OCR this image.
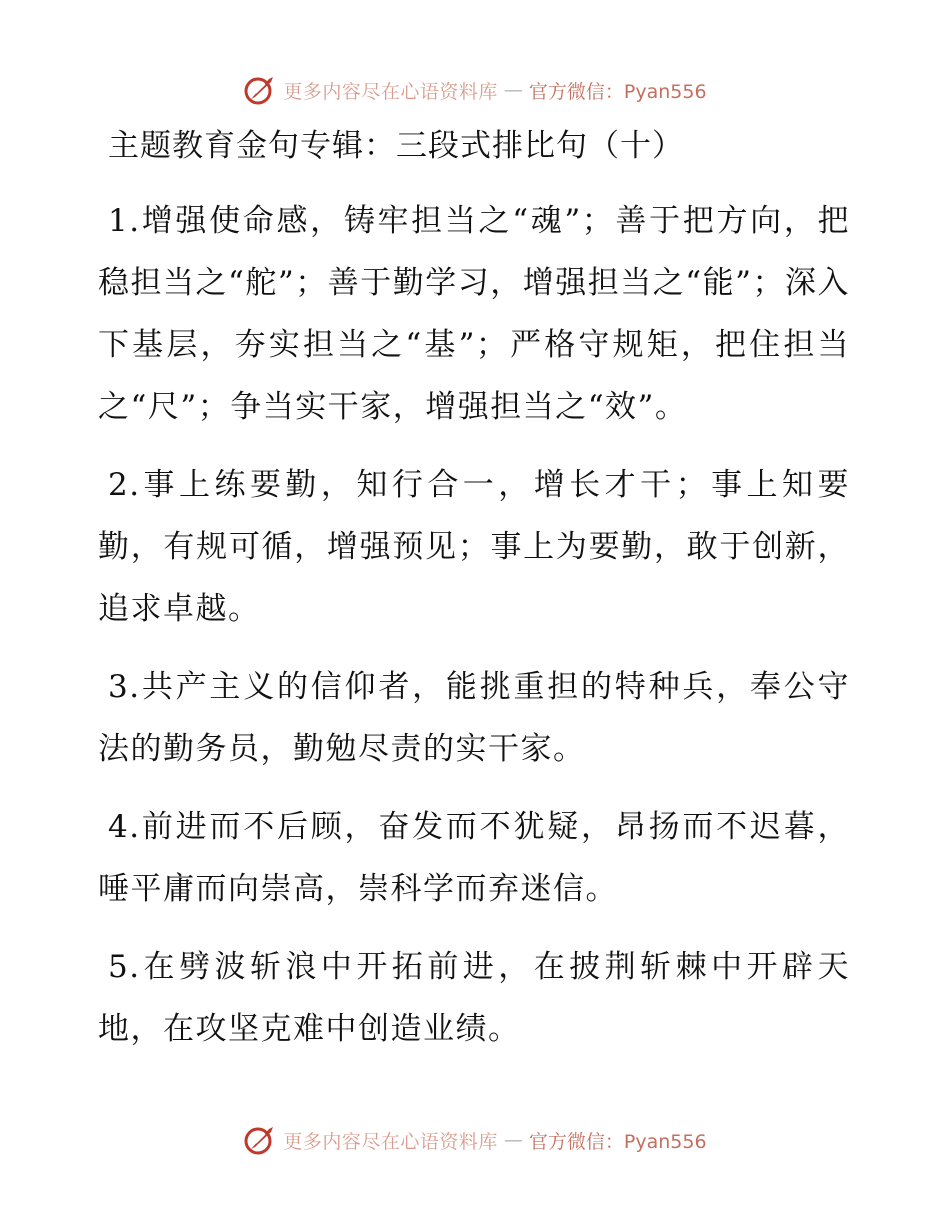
更多内容尽在心语资料库 — 官方微信：Pyan556
主题教育金句专辑：三段式排比句（十）

1.增强使命感，铸牢担当之“魂”；善于把方向，把稳担当之“舵”；善于勤学习，增强担当之“能”；深入下基层，夯实担当之“基”；严格守规矩，把住担当之“尺”；争当实干家，增强担当之“效”。

2.事上练要勤，知行合一，增长才干；事上知要勤，有规可循，增强预见；事上为要勤，敢于创新，追求卓越。

3.共产主义的信仰者，能挑重担的特种兵，奉公守法的勤务员，勤勉尽责的实干家。

4.前进而不后顾，奋发而不犹疑，昂扬而不迟暮，唾平庸而向崇高，崇科学而弃迷信。

5.在劈波斩浪中开拓前进，在披荆斩棘中开辟天地，在攻坚克难中创造业绩。

更多内容尽在心语资料库 — 官方微信：Pyan556
